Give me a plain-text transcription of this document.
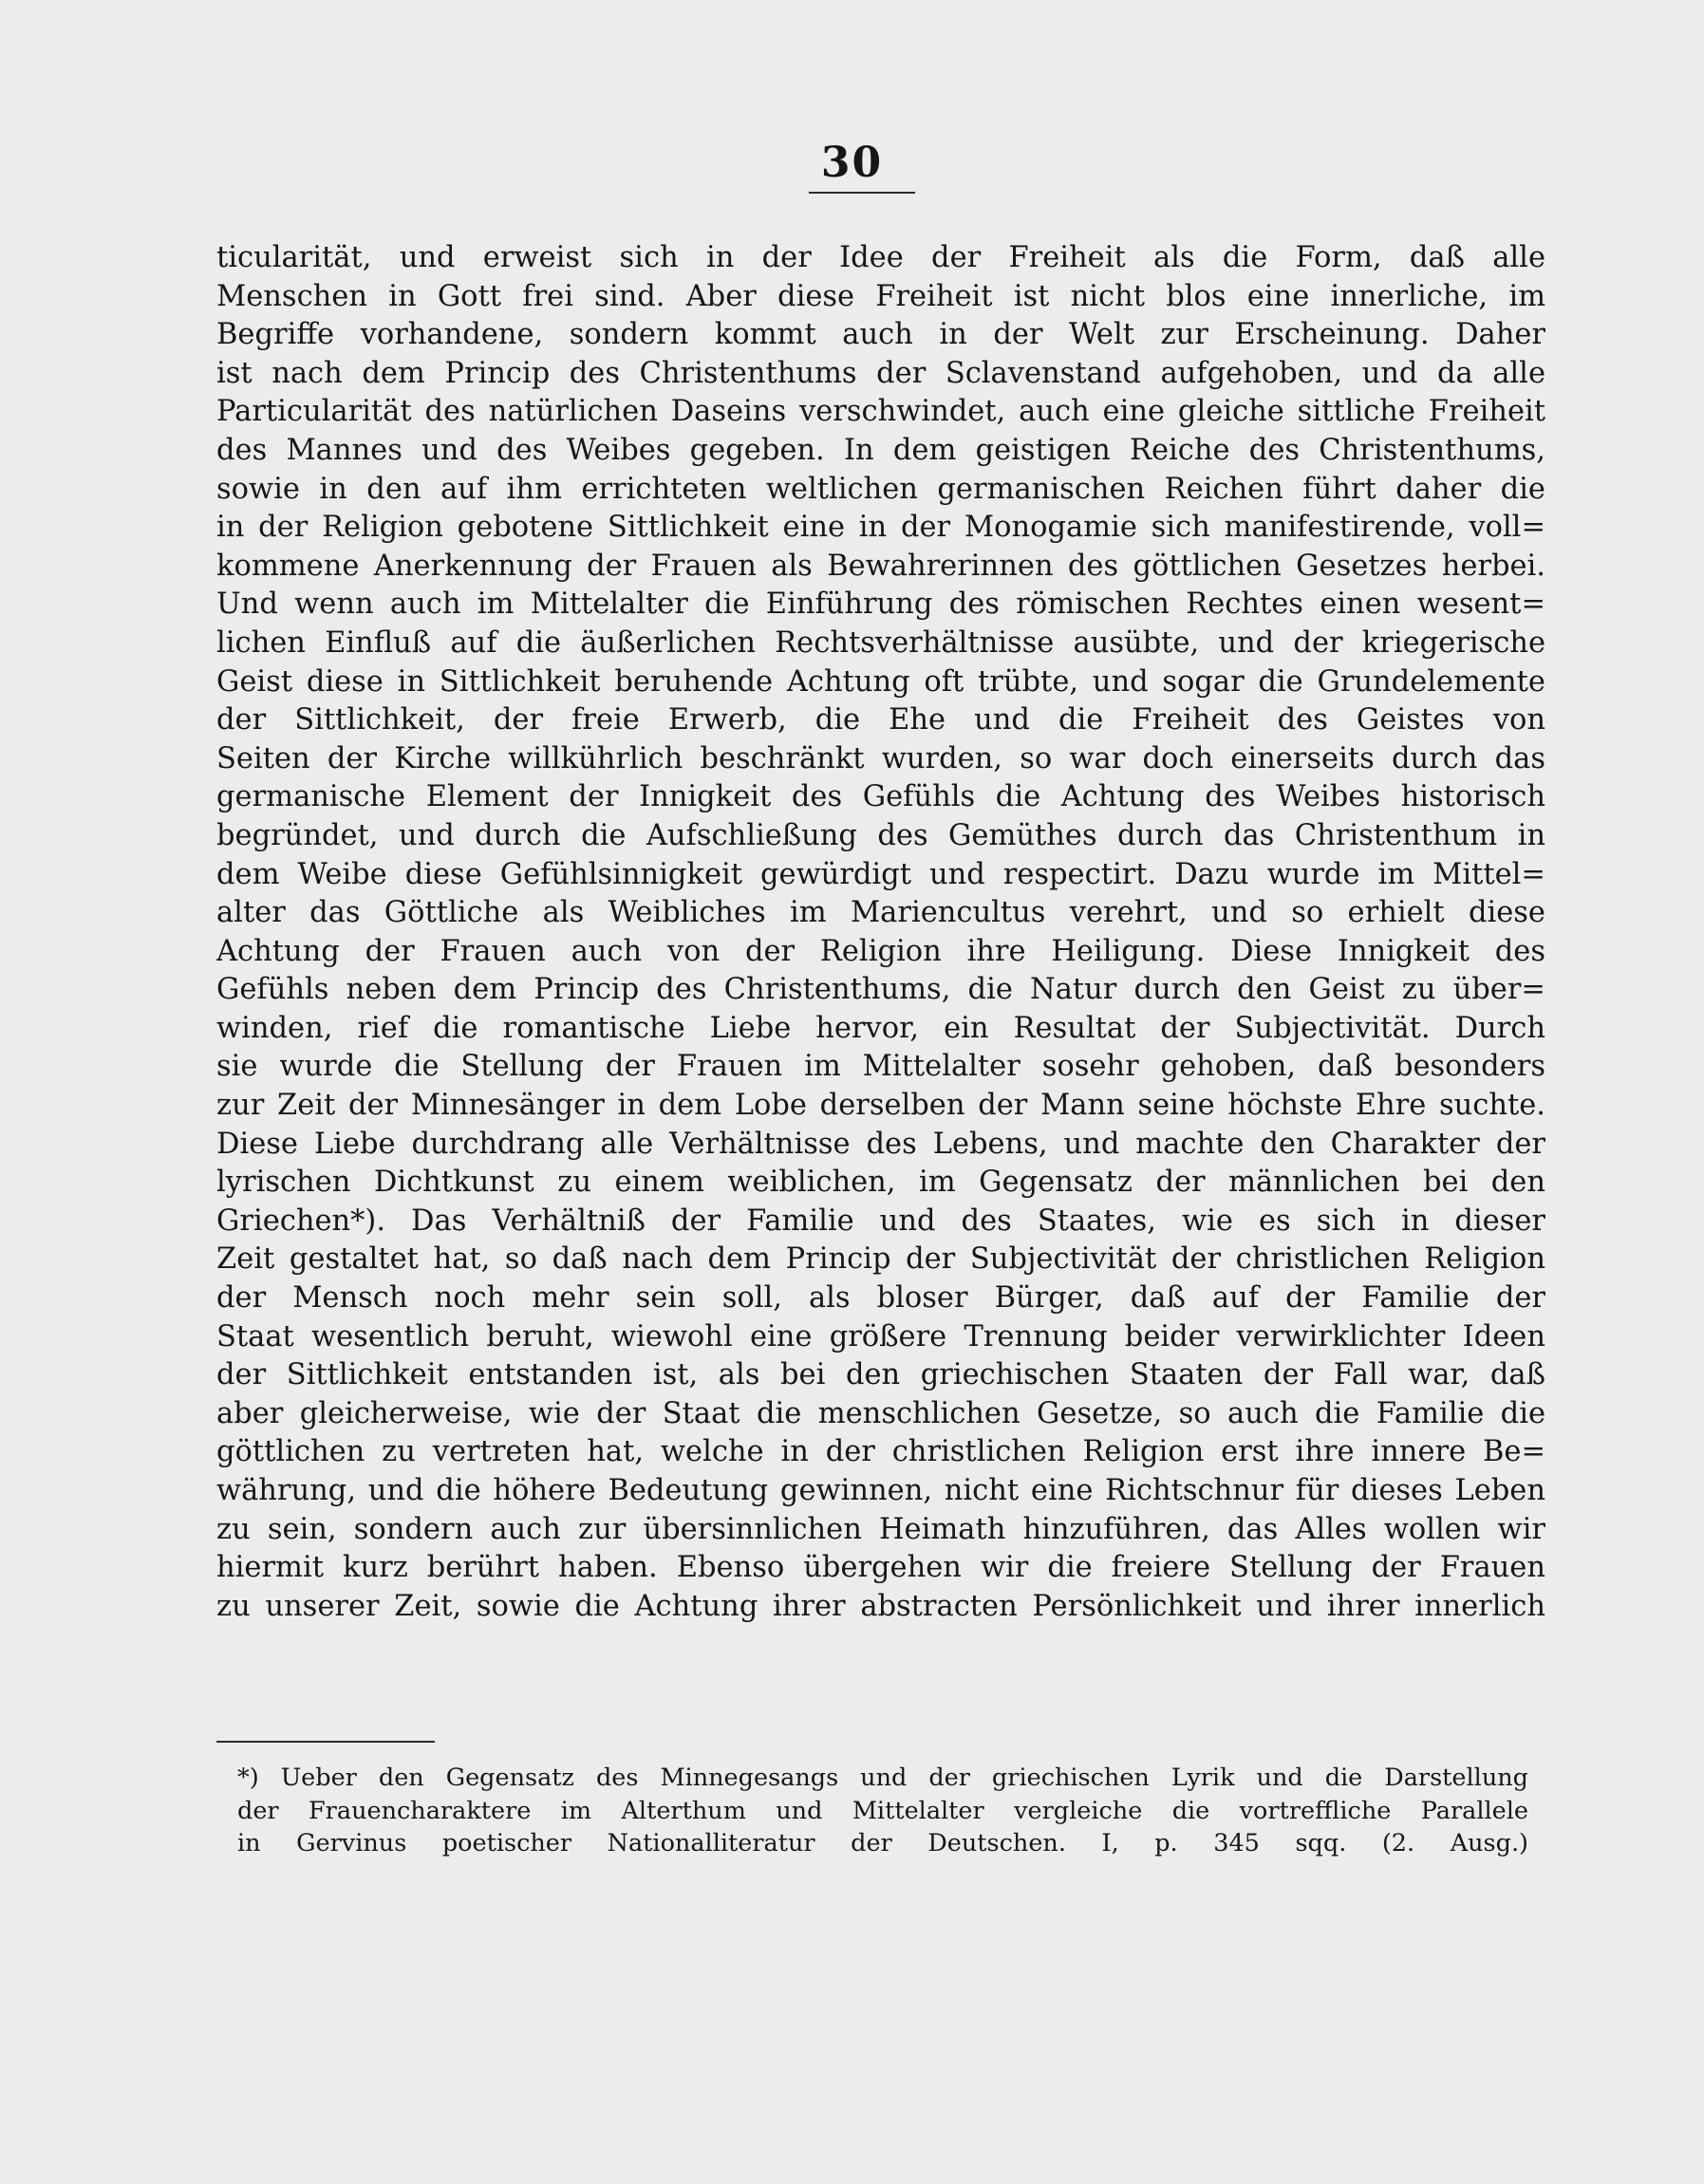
30
ticularität, und erweist sich in der Idee der Freiheit als die Form, daß alle
Menschen in Gott frei sind. Aber diese Freiheit ist nicht blos eine innerliche, im
Begriffe vorhandene, sondern kommt auch in der Welt zur Erscheinung. Daher
ist nach dem Princip des Christenthums der Sclavenstand aufgehoben, und da alle
Particularität des natürlichen Daseins verschwindet, auch eine gleiche sittliche Freiheit
des Mannes und des Weibes gegeben. In dem geistigen Reiche des Christenthums,
sowie in den auf ihm errichteten weltlichen germanischen Reichen führt daher die
in der Religion gebotene Sittlichkeit eine in der Monogamie sich manifestirende, voll=
kommene Anerkennung der Frauen als Bewahrerinnen des göttlichen Gesetzes herbei.
Und wenn auch im Mittelalter die Einführung des römischen Rechtes einen wesent=
lichen Einfluß auf die äußerlichen Rechtsverhältnisse ausübte, und der kriegerische
Geist diese in Sittlichkeit beruhende Achtung oft trübte, und sogar die Grundelemente
der Sittlichkeit, der freie Erwerb, die Ehe und die Freiheit des Geistes von
Seiten der Kirche willkührlich beschränkt wurden, so war doch einerseits durch das
germanische Element der Innigkeit des Gefühls die Achtung des Weibes historisch
begründet, und durch die Aufschließung des Gemüthes durch das Christenthum in
dem Weibe diese Gefühlsinnigkeit gewürdigt und respectirt. Dazu wurde im Mittel=
alter das Göttliche als Weibliches im Mariencultus verehrt, und so erhielt diese
Achtung der Frauen auch von der Religion ihre Heiligung. Diese Innigkeit des
Gefühls neben dem Princip des Christenthums, die Natur durch den Geist zu über=
winden, rief die romantische Liebe hervor, ein Resultat der Subjectivität. Durch
sie wurde die Stellung der Frauen im Mittelalter sosehr gehoben, daß besonders
zur Zeit der Minnesänger in dem Lobe derselben der Mann seine höchste Ehre suchte.
Diese Liebe durchdrang alle Verhältnisse des Lebens, und machte den Charakter der
lyrischen Dichtkunst zu einem weiblichen, im Gegensatz der männlichen bei den
Griechen*). Das Verhältniß der Familie und des Staates, wie es sich in dieser
Zeit gestaltet hat, so daß nach dem Princip der Subjectivität der christlichen Religion
der Mensch noch mehr sein soll, als bloser Bürger, daß auf der Familie der
Staat wesentlich beruht, wiewohl eine größere Trennung beider verwirklichter Ideen
der Sittlichkeit entstanden ist, als bei den griechischen Staaten der Fall war, daß
aber gleicherweise, wie der Staat die menschlichen Gesetze, so auch die Familie die
göttlichen zu vertreten hat, welche in der christlichen Religion erst ihre innere Be=
währung, und die höhere Bedeutung gewinnen, nicht eine Richtschnur für dieses Leben
zu sein, sondern auch zur übersinnlichen Heimath hinzuführen, das Alles wollen wir
hiermit kurz berührt haben. Ebenso übergehen wir die freiere Stellung der Frauen
zu unserer Zeit, sowie die Achtung ihrer abstracten Persönlichkeit und ihrer innerlich
*) Ueber den Gegensatz des Minnegesangs und der griechischen Lyrik und die Darstellung
der Frauencharaktere im Alterthum und Mittelalter vergleiche die vortreffliche Parallele
in Gervinus poetischer Nationalliteratur der Deutschen. I, p. 345 sqq. (2. Ausg.)
